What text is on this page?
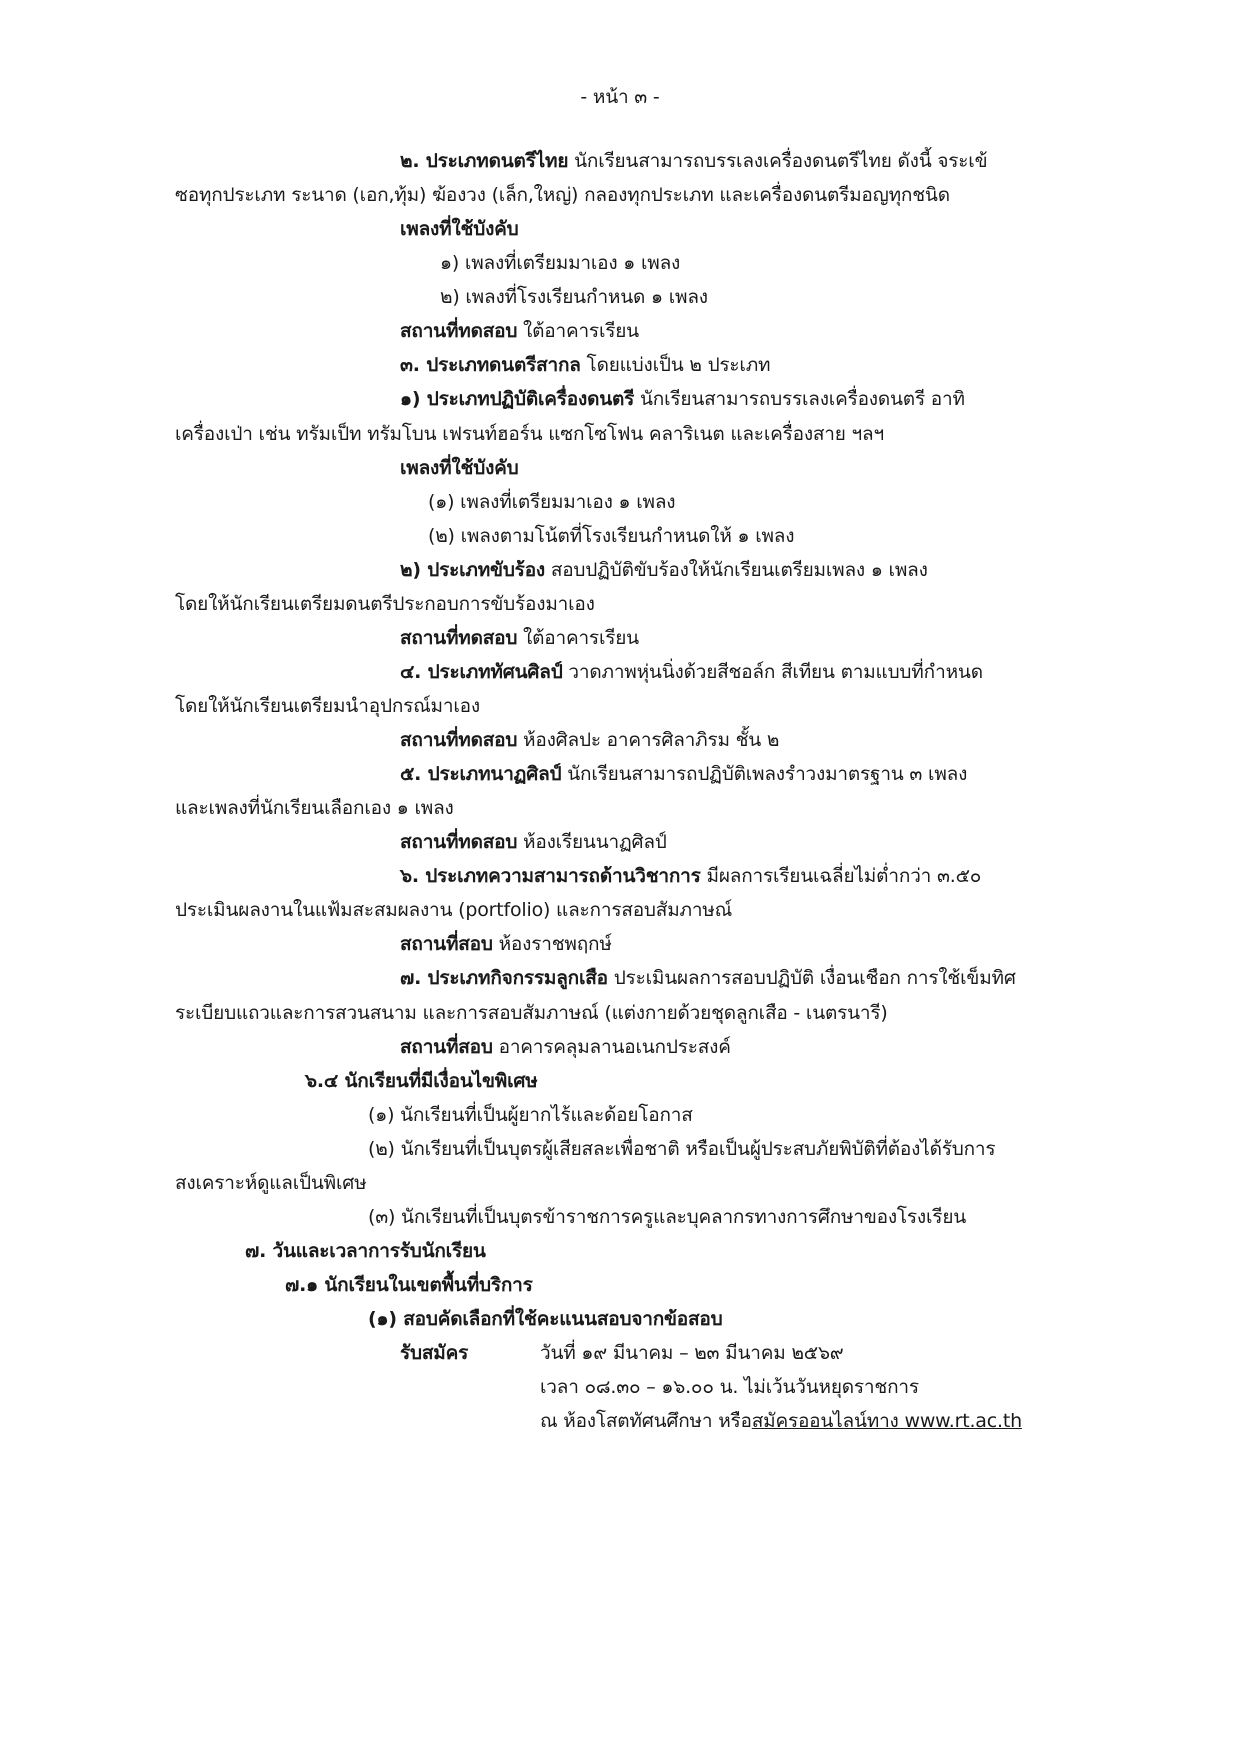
- หน้า ๓ -
๒. ประเภทดนตรีไทย นักเรียนสามารถบรรเลงเครื่องดนตรีไทย ดังนี้ จระเข้
ซอทุกประเภท ระนาด (เอก,ทุ้ม) ฆ้องวง (เล็ก,ใหญ่) กลองทุกประเภท และเครื่องดนตรีมอญทุกชนิด
เพลงที่ใช้บังคับ
๑) เพลงที่เตรียมมาเอง ๑ เพลง
๒) เพลงที่โรงเรียนกำหนด ๑ เพลง
สถานที่ทดสอบ ใต้อาคารเรียน
๓. ประเภทดนตรีสากล โดยแบ่งเป็น ๒ ประเภท
๑) ประเภทปฏิบัติเครื่องดนตรี นักเรียนสามารถบรรเลงเครื่องดนตรี อาทิ
เครื่องเป่า เช่น ทรัมเป็ท ทรัมโบน เฟรนท์ฮอร์น แซกโซโฟน คลาริเนต และเครื่องสาย ฯลฯ
เพลงที่ใช้บังคับ
(๑) เพลงที่เตรียมมาเอง ๑ เพลง
(๒) เพลงตามโน้ตที่โรงเรียนกำหนดให้ ๑ เพลง
๒) ประเภทขับร้อง สอบปฏิบัติขับร้องให้นักเรียนเตรียมเพลง ๑ เพลง
โดยให้นักเรียนเตรียมดนตรีประกอบการขับร้องมาเอง
สถานที่ทดสอบ ใต้อาคารเรียน
๔. ประเภททัศนศิลป์ วาดภาพหุ่นนิ่งด้วยสีชอล์ก สีเทียน ตามแบบที่กำหนด
โดยให้นักเรียนเตรียมนำอุปกรณ์มาเอง
สถานที่ทดสอบ ห้องศิลปะ อาคารศิลาภิรม ชั้น ๒
๕. ประเภทนาฏศิลป์ นักเรียนสามารถปฏิบัติเพลงรำวงมาตรฐาน ๓ เพลง
และเพลงที่นักเรียนเลือกเอง ๑ เพลง
สถานที่ทดสอบ ห้องเรียนนาฏศิลป์
๖. ประเภทความสามารถด้านวิชาการ มีผลการเรียนเฉลี่ยไม่ต่ำกว่า ๓.๕๐
ประเมินผลงานในแฟ้มสะสมผลงาน (portfolio) และการสอบสัมภาษณ์
สถานที่สอบ ห้องราชพฤกษ์
๗. ประเภทกิจกรรมลูกเสือ ประเมินผลการสอบปฏิบัติ เงื่อนเชือก การใช้เข็มทิศ
ระเบียบแถวและการสวนสนาม และการสอบสัมภาษณ์ (แต่งกายด้วยชุดลูกเสือ - เนตรนารี)
สถานที่สอบ อาคารคลุมลานอเนกประสงค์
๖.๔ นักเรียนที่มีเงื่อนไขพิเศษ
(๑) นักเรียนที่เป็นผู้ยากไร้และด้อยโอกาส
(๒) นักเรียนที่เป็นบุตรผู้เสียสละเพื่อชาติ หรือเป็นผู้ประสบภัยพิบัติที่ต้องได้รับการ
สงเคราะห์ดูแลเป็นพิเศษ
(๓) นักเรียนที่เป็นบุตรข้าราชการครูและบุคลากรทางการศึกษาของโรงเรียน
๗. วันและเวลาการรับนักเรียน
๗.๑ นักเรียนในเขตพื้นที่บริการ
(๑) สอบคัดเลือกที่ใช้คะแนนสอบจากข้อสอบ
รับสมัคร	วันที่ ๑๙ มีนาคม – ๒๓ มีนาคม ๒๕๖๙
เวลา ๐๘.๓๐ – ๑๖.๐๐ น. ไม่เว้นวันหยุดราชการ
ณ ห้องโสตทัศนศึกษา หรือสมัครออนไลน์ทาง www.rt.ac.th
